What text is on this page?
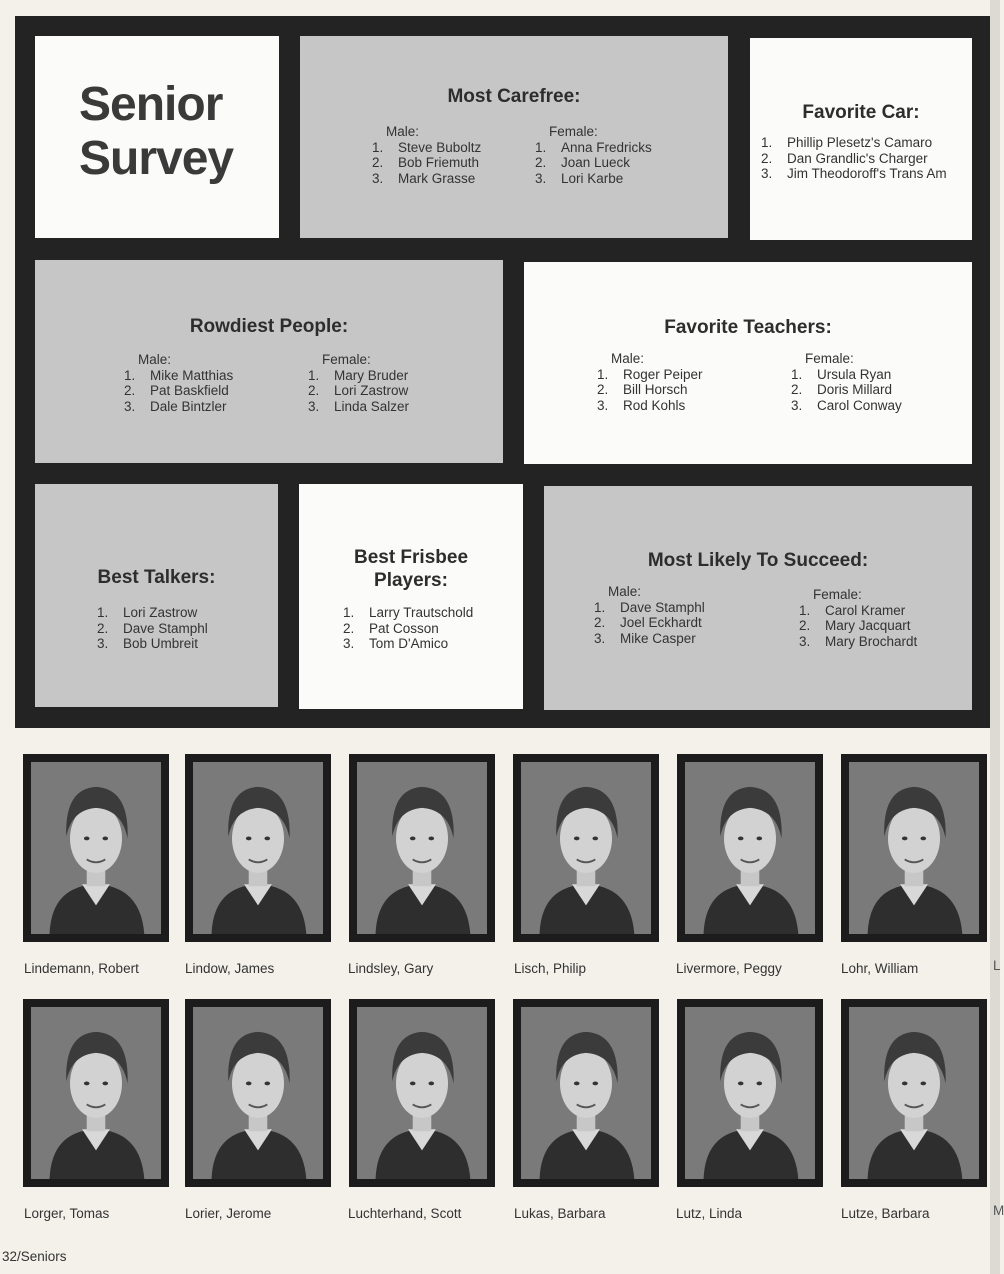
Senior
Survey
Most Carefree:
Male:
1. Steve Buboltz
2. Bob Friemuth
3. Mark Grasse
Female:
1. Anna Fredricks
2. Joan Lueck
3. Lori Karbe
Favorite Car:
1. Phillip Plesetz's Camaro
2. Dan Grandlic's Charger
3. Jim Theodoroff's Trans Am
Rowdiest People:
Male:
1. Mike Matthias
2. Pat Baskfield
3. Dale Bintzler
Female:
1. Mary Bruder
2. Lori Zastrow
3. Linda Salzer
Favorite Teachers:
Male:
1. Roger Peiper
2. Bill Horsch
3. Rod Kohls
Female:
1. Ursula Ryan
2. Doris Millard
3. Carol Conway
Best Talkers:
1. Lori Zastrow
2. Dave Stamphl
3. Bob Umbreit
Best Frisbee
Players:
1. Larry Trautschold
2. Pat Cosson
3. Tom D'Amico
Most Likely To Succeed:
Male:
1. Dave Stamphl
2. Joel Eckhardt
3. Mike Casper
Female:
1. Carol Kramer
2. Mary Jacquart
3. Mary Brochardt
Lindemann, Robert	Lindow, James	Lindsley, Gary	Lisch, Philip	Livermore, Peggy	Lohr, William
Lorger, Tomas	Lorier, Jerome	Luchterhand, Scott	Lukas, Barbara	Lutz, Linda	Lutze, Barbara
L
M
32/Seniors
